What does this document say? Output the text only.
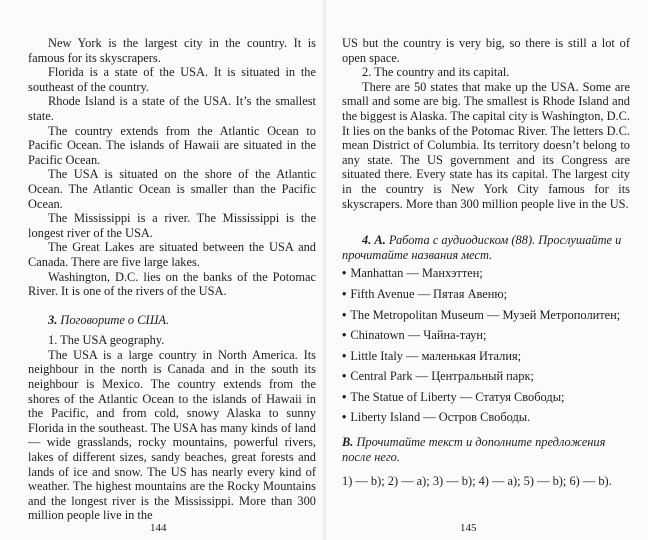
New York is the largest city in the country. It is famous for its skyscrapers.

Florida is a state of the USA. It is situated in the southeast of the country.

Rhode Island is a state of the USA. It’s the smallest state.

The country extends from the Atlantic Ocean to Pacific Ocean. The islands of Hawaii are situated in the Pacific Ocean.

The USA is situated on the shore of the Atlantic Ocean. The Atlantic Ocean is smaller than the Pacific Ocean.

The Mississippi is a river. The Mississippi is the longest river of the USA.

The Great Lakes are situated between the USA and Canada. There are five large lakes.

Washington, D.C. lies on the banks of the Potomac River. It is one of the rivers of the USA.

3. Поговорите о США.

1. The USA geography.

The USA is a large country in North America. Its neighbour in the north is Canada and in the south its neighbour is Mexico. The country extends from the shores of the Atlantic Ocean to the islands of Hawaii in the Pacific, and from cold, snowy Alaska to sunny Florida in the southeast. The USA has many kinds of land — wide grasslands, rocky mountains, powerful rivers, lakes of different sizes, sandy beaches, great forests and lands of ice and snow. The US has nearly every kind of weather. The highest mountains are the Rocky Mountains and the longest river is the Mississippi. More than 300 million people live in the

144

US but the country is very big, so there is still a lot of open space.

2. The country and its capital.

There are 50 states that make up the USA. Some are small and some are big. The smallest is Rhode Island and the biggest is Alaska. The capital city is Washington, D.C. It lies on the banks of the Potomac River. The letters D.C. mean District of Columbia. Its territory doesn’t belong to any state. The US government and its Congress are situated there. Every state has its capital. The largest city in the country is New York City famous for its skyscrapers. More than 300 million people live in the US.

4. А. Работа с аудиодиском (88). Прослушайте и прочитайте названия мест.
• Manhattan — Манхэттен;
• Fifth Avenue — Пятая Авеню;
• The Metropolitan Museum — Музей Метрополитен;
• Chinatown — Чайна-таун;
• Little Italy — маленькая Италия;
• Central Park — Центральный парк;
• The Statue of Liberty — Статуя Свободы;
• Liberty Island — Остров Свободы.
В. Прочитайте текст и дополните предложения после него.
1) — b); 2) — a); 3) — b); 4) — a); 5) — b); 6) — b).
145
